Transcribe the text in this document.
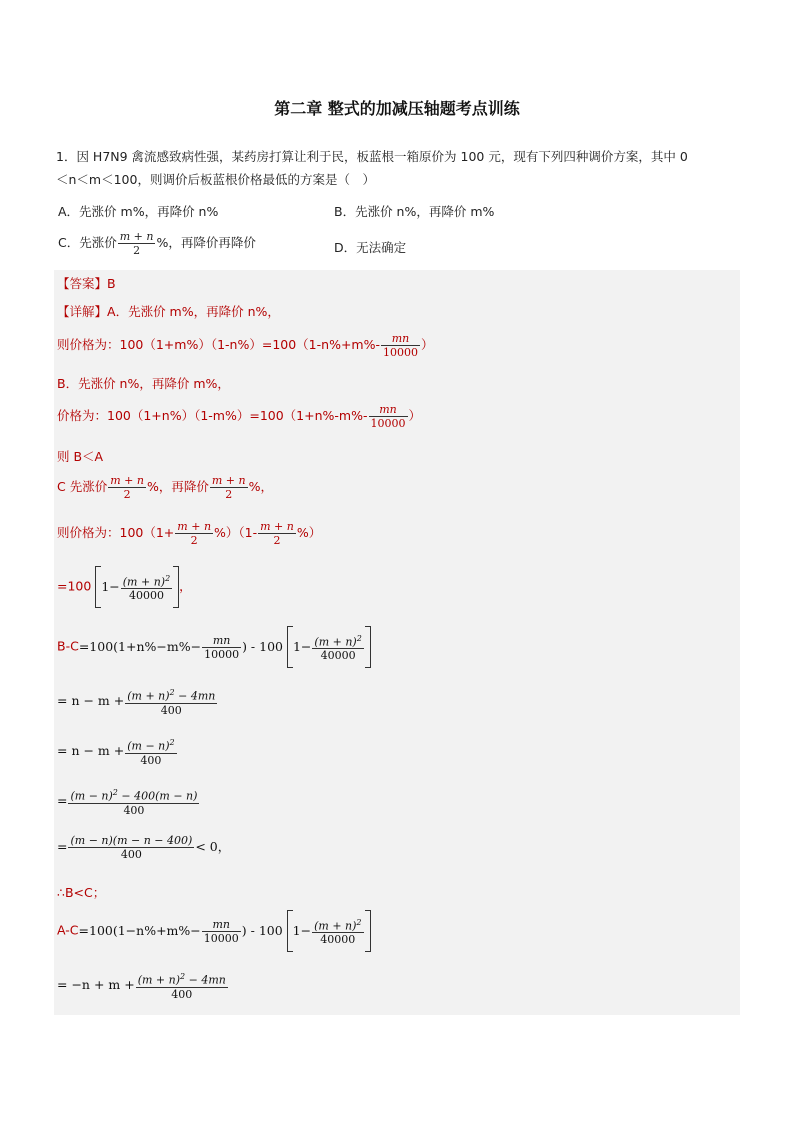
第二章 整式的加减压轴题考点训练
1．因 H7N9 禽流感致病性强，某药房打算让利于民，板蓝根一箱原价为 100 元，现有下列四种调价方案，其中 0
＜n＜m＜100，则调价后板蓝根价格最低的方案是（　）
A．先涨价 m%，再降价 n%	B．先涨价 n%，再降价 m%
C．先涨价 $\frac{m + n}{2}$ %，再降价再降价	D．无法确定
【答案】B
【详解】A．先涨价 m%，再降价 n%，
则价格为：$100(1+m\%)(1-n\%)=100(1-n\%+m\%- \frac{mn}{10000}$ ）
B．先涨价 n%，再降价 m%，
价格为：$100(1+n\%)(1-m\%)=100(1+n\%-m\%- \frac{mn}{10000}$ ）
则 B＜A
C 先涨价 $\frac{m + n}{2}$ %，再降价 $\frac{m + n}{2}$ %，
则价格为：$100(1+ \frac{m + n}{2} \%)(1- \frac{m + n}{2}$ %）
=100 $1- \frac{(m + n)^2}{40000}$ ，
$B-C=100(1+n\%-m\%- \frac{mn}{10000}$ ) - 100 $1- \frac{(m + n)^2}{40000}$
= $n - m + \frac{(m + n)^2 - 4mn}{400}$
= $n - m + \frac{(m - n)^2}{400}$
= $\frac{(m - n)^2 - 400(m - n)}{400}$
= $\frac{(m - n)(m - n - 400)}{400} < 0$，
∴B<C；
$A-C=100(1-n\%+m\%- \frac{mn}{10000}$ ) - 100 $1- \frac{(m + n)^2}{40000}$
= $-n + m + \frac{(m + n)^2 - 4mn}{400}$
